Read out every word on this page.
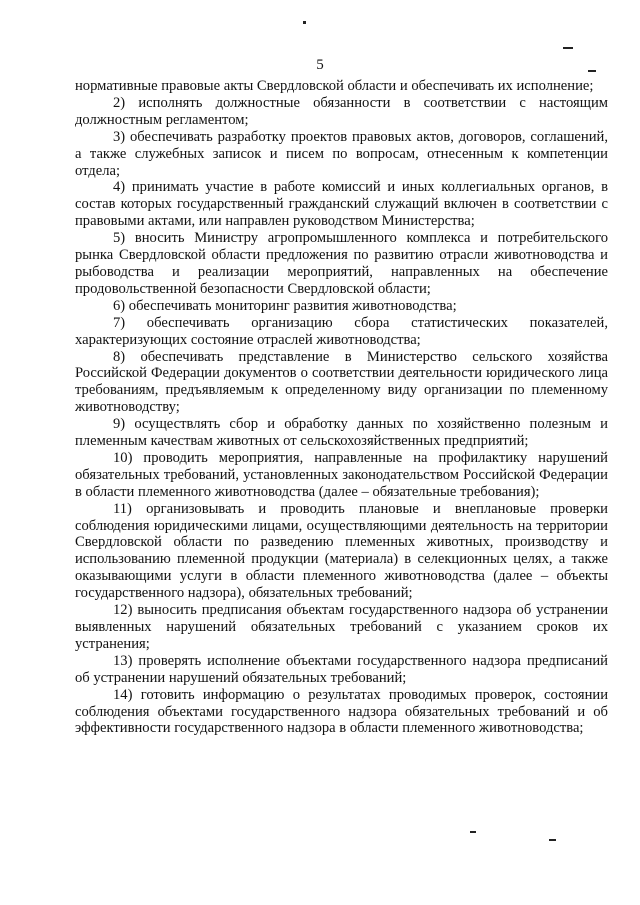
5

нормативные правовые акты Свердловской области и обеспечивать их исполнение;

2) исполнять должностные обязанности в соответствии с настоящим должностным регламентом;

3) обеспечивать разработку проектов правовых актов, договоров, соглашений, а также служебных записок и писем по вопросам, отнесенным к компетенции отдела;

4) принимать участие в работе комиссий и иных коллегиальных органов, в состав которых государственный гражданский служащий включен в соответствии с правовыми актами, или направлен руководством Министерства;

5) вносить Министру агропромышленного комплекса и потребительского рынка Свердловской области предложения по развитию отрасли животноводства и рыбоводства и реализации мероприятий, направленных на обеспечение продовольственной безопасности Свердловской области;

6) обеспечивать мониторинг развития животноводства;

7) обеспечивать организацию сбора статистических показателей, характеризующих состояние отраслей животноводства;

8) обеспечивать представление в Министерство сельского хозяйства Российской Федерации документов о соответствии деятельности юридического лица требованиям, предъявляемым к определенному виду организации по племенному животноводству;

9) осуществлять сбор и обработку данных по хозяйственно полезным и племенным качествам животных от сельскохозяйственных предприятий;

10) проводить мероприятия, направленные на профилактику нарушений обязательных требований, установленных законодательством Российской Федерации в области племенного животноводства (далее – обязательные требования);

11) организовывать и проводить плановые и внеплановые проверки соблюдения юридическими лицами, осуществляющими деятельность на территории Свердловской области по разведению племенных животных, производству и использованию племенной продукции (материала) в селекционных целях, а также оказывающими услуги в области племенного животноводства (далее – объекты государственного надзора), обязательных требований;

12) выносить предписания объектам государственного надзора об устранении выявленных нарушений обязательных требований с указанием сроков их устранения;

13) проверять исполнение объектами государственного надзора предписаний об устранении нарушений обязательных требований;

14) готовить информацию о результатах проводимых проверок, состоянии соблюдения объектами государственного надзора обязательных требований и об эффективности государственного надзора в области племенного животноводства;
